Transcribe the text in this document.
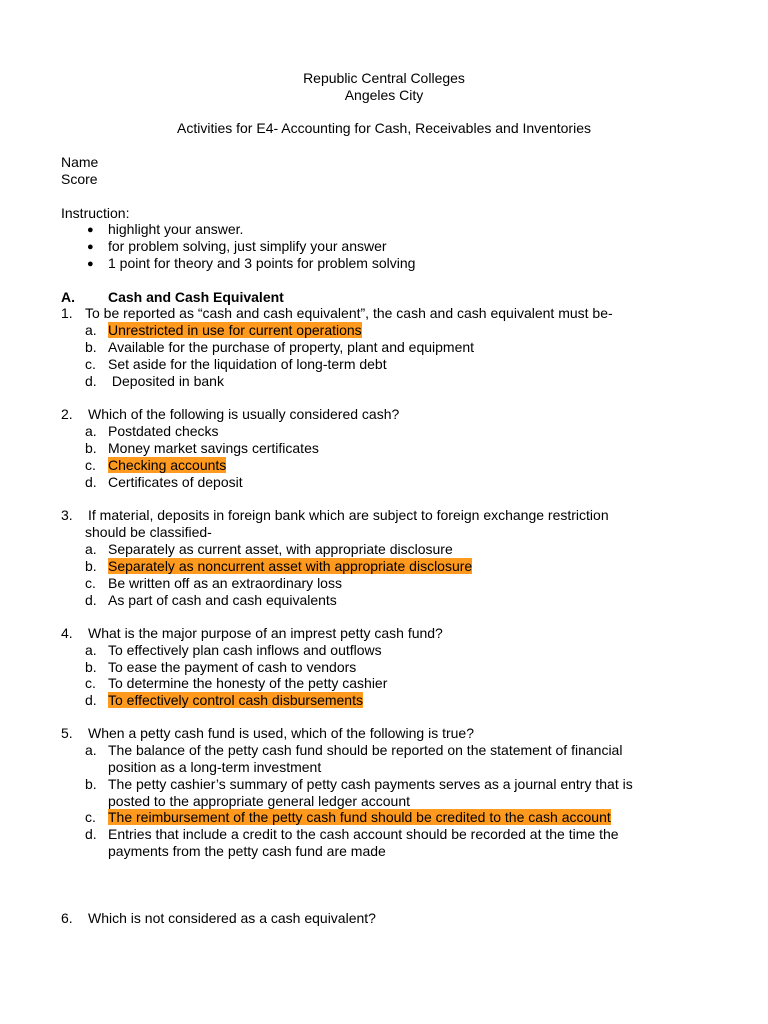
Republic Central Colleges
Angeles City
Activities for E4- Accounting for Cash, Receivables and Inventories
Name
Score
Instruction:
● highlight your answer.
● for problem solving, just simplify your answer
● 1 point for theory and 3 points for problem solving
A. Cash and Cash Equivalent
1. To be reported as “cash and cash equivalent”, the cash and cash equivalent must be-
a. Unrestricted in use for current operations
b. Available for the purchase of property, plant and equipment
c. Set aside for the liquidation of long-term debt
d. Deposited in bank
2. Which of the following is usually considered cash?
a. Postdated checks
b. Money market savings certificates
c. Checking accounts
d. Certificates of deposit
3. If material, deposits in foreign bank which are subject to foreign exchange restriction
should be classified-
a. Separately as current asset, with appropriate disclosure
b. Separately as noncurrent asset with appropriate disclosure
c. Be written off as an extraordinary loss
d. As part of cash and cash equivalents
4. What is the major purpose of an imprest petty cash fund?
a. To effectively plan cash inflows and outflows
b. To ease the payment of cash to vendors
c. To determine the honesty of the petty cashier
d. To effectively control cash disbursements
5. When a petty cash fund is used, which of the following is true?
a. The balance of the petty cash fund should be reported on the statement of financial
position as a long-term investment
b. The petty cashier’s summary of petty cash payments serves as a journal entry that is
posted to the appropriate general ledger account
c. The reimbursement of the petty cash fund should be credited to the cash account
d. Entries that include a credit to the cash account should be recorded at the time the
payments from the petty cash fund are made
6. Which is not considered as a cash equivalent?
